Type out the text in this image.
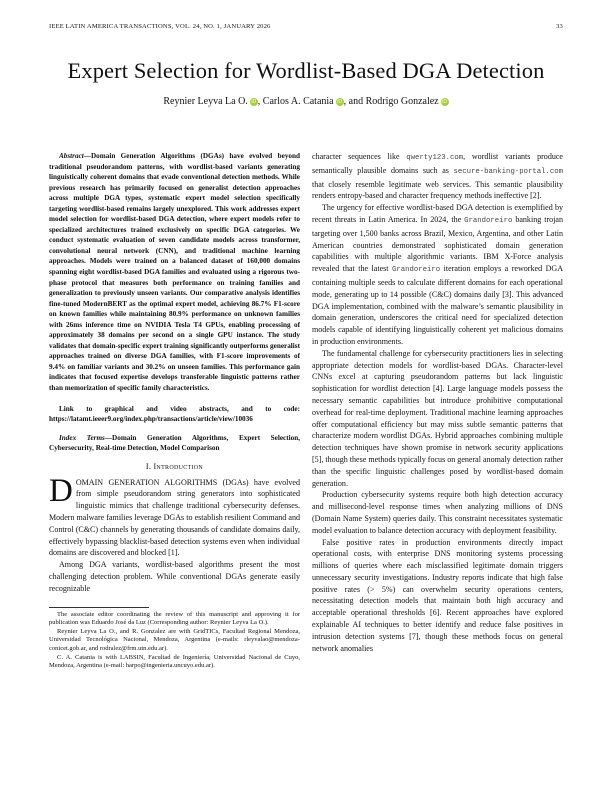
IEEE LATIN AMERICA TRANSACTIONS, VOL. 24, NO. 1, JANUARY 2026	33
Expert Selection for Wordlist-Based DGA Detection
Reynier Leyva La O. iD , Carlos A. Catania iD , and Rodrigo Gonzalez iD

Abstract—Domain Generation Algorithms (DGAs) have evolved beyond traditional pseudorandom patterns, with wordlist-based variants generating linguistically coherent domains that evade conventional detection methods. While previous research has primarily focused on generalist detection approaches across multiple DGA types, systematic expert model selection specifically targeting wordlist-based remains largely unexplored. This work addresses expert model selection for wordlist-based DGA detection, where expert models refer to specialized architectures trained exclusively on specific DGA categories. We conduct systematic evaluation of seven candidate models across transformer, convolutional neural network (CNN), and traditional machine learning approaches. Models were trained on a balanced dataset of 160,000 domains spanning eight wordlist-based DGA families and evaluated using a rigorous two-phase protocol that measures both performance on training families and generalization to previously unseen variants. Our comparative analysis identifies fine-tuned ModernBERT as the optimal expert model, achieving 86.7% F1-score on known families while maintaining 80.9% performance on unknown families with 26ms inference time on NVIDIA Tesla T4 GPUs, enabling processing of approximately 38 domains per second on a single GPU instance. The study validates that domain-specific expert training significantly outperforms generalist approaches trained on diverse DGA families, with F1-score improvements of 9.4% on familiar variants and 30.2% on unseen families. This performance gain indicates that focused expertise develops transferable linguistic patterns rather than memorization of specific family characteristics.

Link to graphical and video abstracts, and to code: https://latamt.ieeer9.org/index.php/transactions/article/view/10036

Index Terms—Domain Generation Algorithms, Expert Selection, Cybersecurity, Real-time Detection, Model Comparison

I. Introduction

DOMAIN GENERATION ALGORITHMS (DGAs) have evolved from simple pseudorandom string generators into sophisticated linguistic mimics that challenge traditional cybersecurity defenses. Modern malware families leverage DGAs to establish resilient Command and Control (C&C) channels by generating thousands of candidate domains daily, effectively bypassing blacklist-based detection systems even when individual domains are discovered and blocked [1].

Among DGA variants, wordlist-based algorithms present the most challenging detection problem. While conventional DGAs generate easily recognizable

The associate editor coordinating the review of this manuscript and approving it for publication was Eduardo José da Luz (Corresponding author: Reynier Leyva La O.).

Reynier Leyva La O., and R. Gonzalez are with GridTICs, Facultad Regional Mendoza, Universidad Tecnológica Nacional, Mendoza, Argentina (e-mails: rleyvalao@mendoza-conicet.gob.ar, and rodralez@frm.utn.edu.ar).

C. A. Catania is with LABSIN, Facultad de Ingeniería, Universidad Nacional de Cuyo, Mendoza, Argentina (e-mail: harpo@ingenieria.uncuyo.edu.ar).

character sequences like qwerty123.com, wordlist variants produce semantically plausible domains such as secure-banking-portal.com that closely resemble legitimate web services. This semantic plausibility renders entropy-based and character frequency methods ineffective [2].

The urgency for effective wordlist-based DGA detection is exemplified by recent threats in Latin America. In 2024, the Grandoreiro banking trojan targeting over 1,500 banks across Brazil, Mexico, Argentina, and other Latin American countries demonstrated sophisticated domain generation capabilities with multiple algorithmic variants. IBM X-Force analysis revealed that the latest Grandoreiro iteration employs a reworked DGA containing multiple seeds to calculate different domains for each operational mode, generating up to 14 possible (C&C) domains daily [3]. This advanced DGA implementation, combined with the malware’s semantic plausibility in domain generation, underscores the critical need for specialized detection models capable of identifying linguistically coherent yet malicious domains in production environments.

The fundamental challenge for cybersecurity practitioners lies in selecting appropriate detection models for wordlist-based DGAs. Character-level CNNs excel at capturing pseudorandom patterns but lack linguistic sophistication for wordlist detection [4]. Large language models possess the necessary semantic capabilities but introduce prohibitive computational overhead for real-time deployment. Traditional machine learning approaches offer computational efficiency but may miss subtle semantic patterns that characterize modern wordlist DGAs. Hybrid approaches combining multiple detection techniques have shown promise in network security applications [5], though these methods typically focus on general anomaly detection rather than the specific linguistic challenges posed by wordlist-based domain generation.

Production cybersecurity systems require both high detection accuracy and millisecond-level response times when analyzing millions of DNS (Domain Name System) queries daily. This constraint necessitates systematic model evaluation to balance detection accuracy with deployment feasibility.

False positive rates in production environments directly impact operational costs, with enterprise DNS monitoring systems processing millions of queries where each misclassified legitimate domain triggers unnecessary security investigations. Industry reports indicate that high false positive rates (> 5%) can overwhelm security operations centers, necessitating detection models that maintain both high accuracy and acceptable operational thresholds [6]. Recent approaches have explored explainable AI techniques to better identify and reduce false positives in intrusion detection systems [7], though these methods focus on general network anomalies
